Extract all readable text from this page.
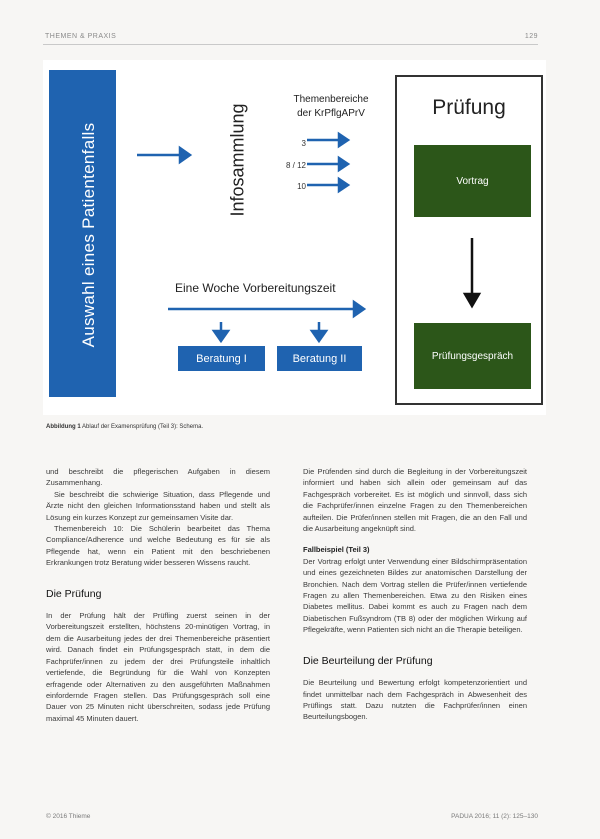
THEMEN & PRAXIS	129
Auswahl eines Patientenfalls	Infosammlung
Themenbereiche
der KrPflgAPrV
3
8 / 12
10
Eine Woche Vorbereitungszeit
Beratung I	Beratung II
Prüfung
Vortrag
Prüfungsgespräch
Abbildung 1 Ablauf der Examensprüfung (Teil 3): Schema.

und beschreibt die pflegerischen Aufgaben in diesem Zusammenhang.

Sie beschreibt die schwierige Situation, dass Pflegende und Ärzte nicht den gleichen Informationsstand haben und stellt als Lösung ein kurzes Konzept zur gemeinsamen Visite dar.

Themenbereich 10: Die Schülerin bearbeitet das Thema Compliance/Adherence und welche Bedeutung es für sie als Pflegende hat, wenn ein Patient mit den beschriebenen Erkrankungen trotz Beratung wider besseren Wissens raucht.

Die Prüfung

In der Prüfung hält der Prüfling zuerst seinen in der Vorbereitungszeit erstellten, höchstens 20-minütigen Vortrag, in dem die Ausarbeitung jedes der drei Themenbereiche präsentiert wird. Danach findet ein Prüfungsgespräch statt, in dem die Fachprüfer/innen zu jedem der drei Prüfungsteile inhaltlich vertiefende, die Begründung für die Wahl von Konzepten erfragende oder Alternativen zu den ausgeführten Maßnahmen einfordernde Fragen stellen. Das Prüfungsgespräch soll eine Dauer von 25 Minuten nicht überschreiten, sodass jede Prüfung maximal 45 Minuten dauert.

Die Prüfenden sind durch die Begleitung in der Vorbereitungszeit informiert und haben sich allein oder gemeinsam auf das Fachgespräch vorbereitet. Es ist möglich und sinnvoll, dass sich die Fachprüfer/innen einzelne Fragen zu den Themenbereichen aufteilen. Die Prüfer/innen stellen mit Fragen, die an den Fall und die Ausarbeitung angeknüpft sind.

Fallbeispiel (Teil 3)

Der Vortrag erfolgt unter Verwendung einer Bildschirmpräsentation und eines gezeichneten Bildes zur anatomischen Darstellung der Bronchien. Nach dem Vortrag stellen die Prüfer/innen vertiefende Fragen zu allen Themenbereichen. Etwa zu den Risiken eines Diabetes mellitus. Dabei kommt es auch zu Fragen nach dem Diabetischen Fußsyndrom (TB 8) oder der möglichen Wirkung auf Pflegekräfte, wenn Patienten sich nicht an die Therapie beteiligen.

Die Beurteilung der Prüfung

Die Beurteilung und Bewertung erfolgt kompetenzorientiert und findet unmittelbar nach dem Fachgespräch in Abwesenheit des Prüflings statt. Dazu nutzten die Fachprüfer/innen einen Beurteilungsbogen.

© 2016 Thieme	PADUA 2016; 11 (2): 125–130
